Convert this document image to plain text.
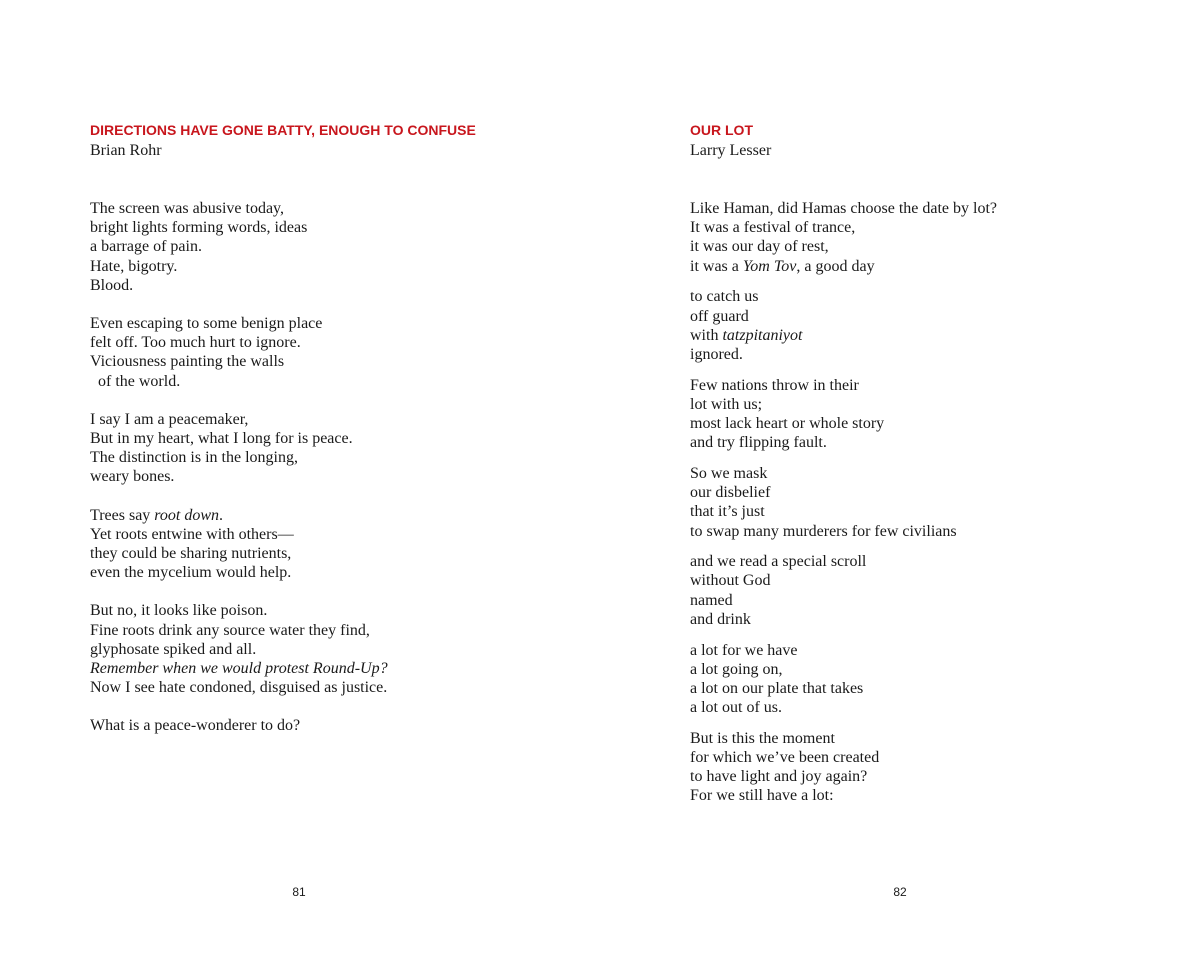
DIRECTIONS HAVE GONE BATTY, ENOUGH TO CONFUSE
Brian Rohr
The screen was abusive today,
bright lights forming words, ideas
a barrage of pain.
Hate, bigotry.
Blood.
Even escaping to some benign place
felt off. Too much hurt to ignore.
Viciousness painting the walls
of the world.
I say I am a peacemaker,
But in my heart, what I long for is peace.
The distinction is in the longing,
weary bones.
Trees say root down.
Yet roots entwine with others—
they could be sharing nutrients,
even the mycelium would help.
But no, it looks like poison.
Fine roots drink any source water they find,
glyphosate spiked and all.
Remember when we would protest Round-Up?
Now I see hate condoned, disguised as justice.
What is a peace-wonderer to do?
81
OUR LOT
Larry Lesser
Like Haman, did Hamas choose the date by lot?
It was a festival of trance,
it was our day of rest,
it was a Yom Tov, a good day
to catch us
off guard
with tatzpitaniyot
ignored.
Few nations throw in their
lot with us;
most lack heart or whole story
and try flipping fault.
So we mask
our disbelief
that it’s just
to swap many murderers for few civilians
and we read a special scroll
without God
named
and drink
a lot for we have
a lot going on,
a lot on our plate that takes
a lot out of us.
But is this the moment
for which we’ve been created
to have light and joy again?
For we still have a lot:
82
